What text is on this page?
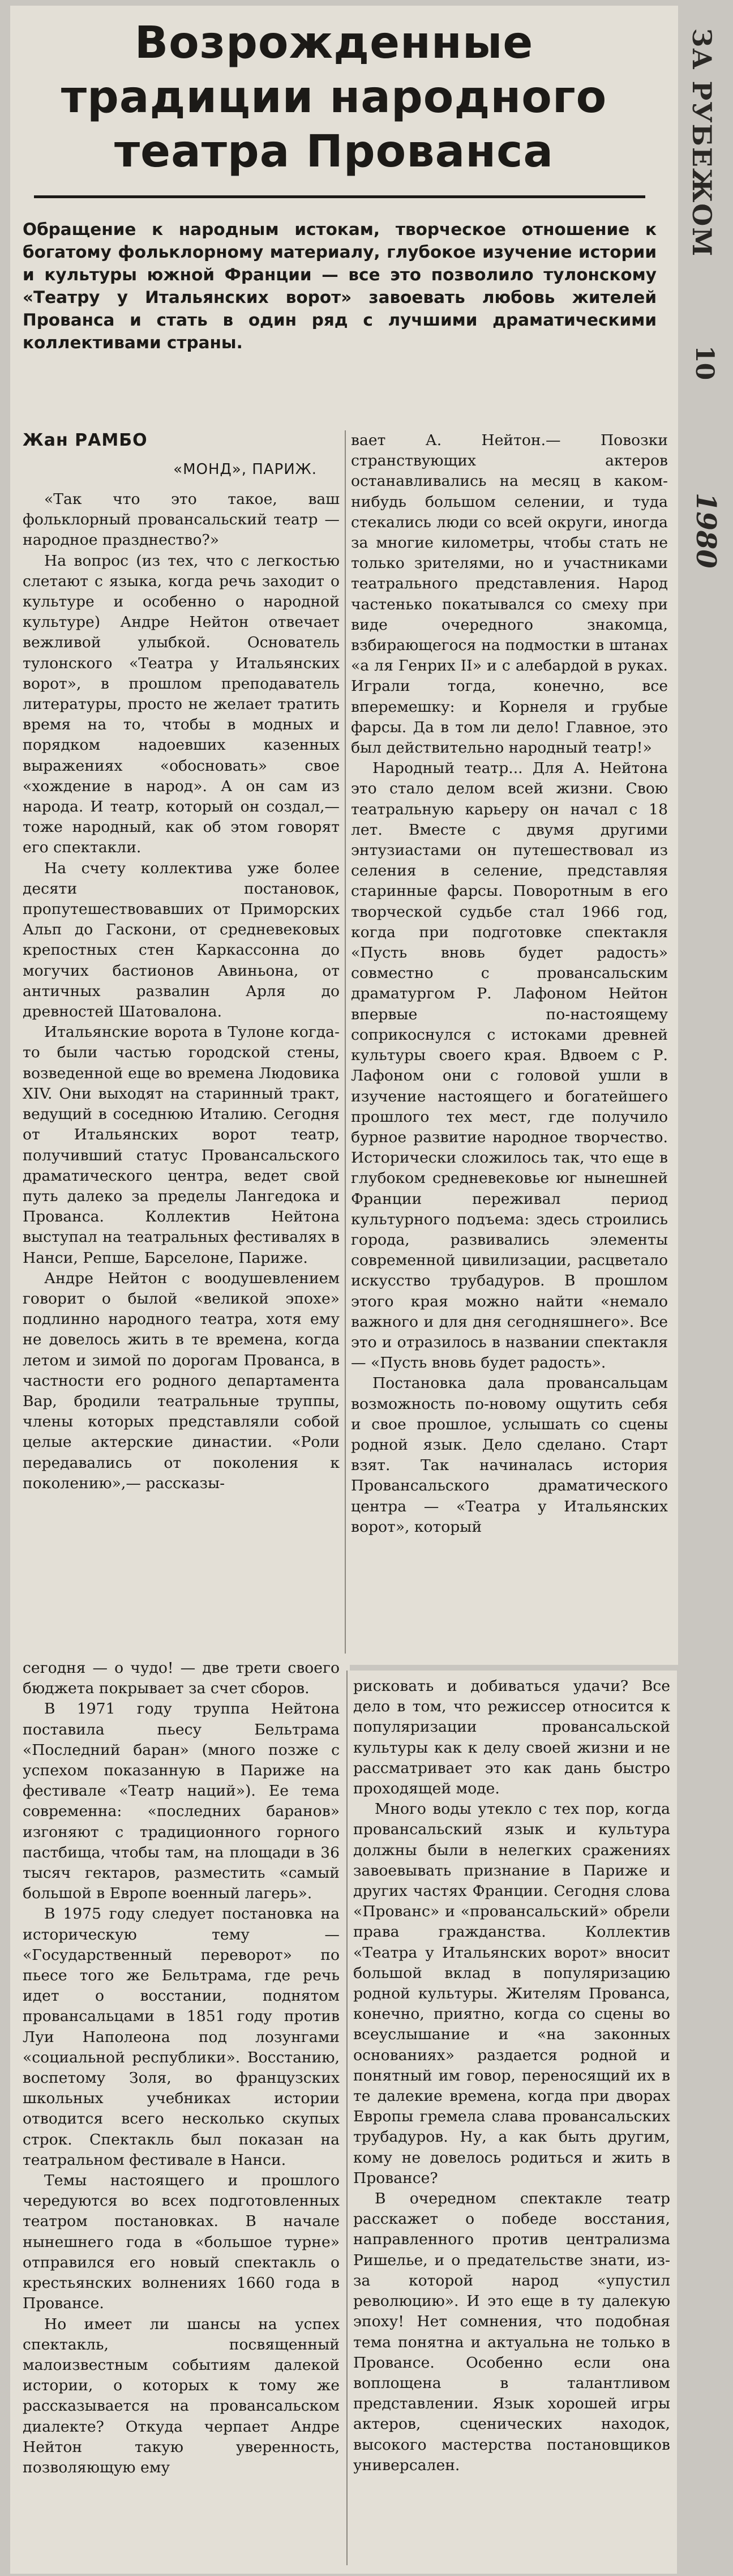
Возрожденные
традиции народного
театра Прованса
Обращение к народным истокам, творческое отношение к богатому фольклорному материалу, глубокое изучение истории и культуры южной Франции — все это позволило тулонскому «Театру у Итальянских ворот» завоевать любовь жителей Прованса и стать в один ряд с лучшими драматическими коллективами страны.
ЗА РУБЕЖОМ
10
1980
Жан РАМБО
«МОНД», ПАРИЖ.

«Так что это такое, ваш фольклорный провансальский театр — народное празднество?»

На вопрос (из тех, что с легкостью слетают с языка, когда речь заходит о культуре и особенно о народной культуре) Андре Нейтон отвечает вежливой улыбкой. Основатель тулонского «Театра у Итальянских ворот», в прошлом преподаватель литературы, просто не желает тратить время на то, чтобы в модных и порядком надоевших казенных выражениях «обосновать» свое «хождение в народ». А он сам из народа. И театр, который он создал,— тоже народный, как об этом говорят его спектакли.

На счету коллектива уже более десяти постановок, пропутешествовавших от Приморских Альп до Гаскони, от средневековых крепостных стен Каркассонна до могучих бастионов Авиньона, от античных развалин Арля до древностей Шатовалона.

Итальянские ворота в Тулоне когда-то были частью городской стены, возведенной еще во времена Людовика XIV. Они выходят на старинный тракт, ведущий в соседнюю Италию. Сегодня от Итальянских ворот театр, получивший статус Провансальского драматического центра, ведет свой путь далеко за пределы Лангедока и Прованса. Коллектив Нейтона выступал на театральных фестивалях в Нанси, Репше, Барселоне, Париже.

Андре Нейтон с воодушевлением говорит о былой «великой эпохе» подлинно народного театра, хотя ему не довелось жить в те времена, когда летом и зимой по дорогам Прованса, в частности его родного департамента Вар, бродили театральные труппы, члены которых представляли собой целые актерские династии. «Роли передавались от поколения к поколению»,— рассказы-

вает А. Нейтон.— Повозки странствующих актеров останавливались на месяц в каком-нибудь большом селении, и туда стекались люди со всей округи, иногда за многие километры, чтобы стать не только зрителями, но и участниками театрального представления. Народ частенько покатывался со смеху при виде очередного знакомца, взбирающегося на подмостки в штанах «а ля Генрих II» и с алебардой в руках. Играли тогда, конечно, все вперемешку: и Корнеля и грубые фарсы. Да в том ли дело! Главное, это был действительно народный театр!»

Народный театр... Для А. Нейтона это стало делом всей жизни. Свою театральную карьеру он начал с 18 лет. Вместе с двумя другими энтузиастами он путешествовал из селения в селение, представляя старинные фарсы. Поворотным в его творческой судьбе стал 1966 год, когда при подготовке спектакля «Пусть вновь будет радость» совместно с провансальским драматургом Р. Лафоном Нейтон впервые по-настоящему соприкоснулся с истоками древней культуры своего края. Вдвоем с Р. Лафоном они с головой ушли в изучение настоящего и богатейшего прошлого тех мест, где получило бурное развитие народное творчество. Исторически сложилось так, что еще в глубоком средневековье юг нынешней Франции переживал период культурного подъема: здесь строились города, развивались элементы современной цивилизации, расцветало искусство трубадуров. В прошлом этого края можно найти «немало важного и для дня сегодняшнего». Все это и отразилось в названии спектакля — «Пусть вновь будет радость».

Постановка дала провансальцам возможность по-новому ощутить себя и свое прошлое, услышать со сцены родной язык. Дело сделано. Старт взят. Так начиналась история Провансальского драматического центра — «Театра у Итальянских ворот», который

сегодня — о чудо! — две трети своего бюджета покрывает за счет сборов.

В 1971 году труппа Нейтона поставила пьесу Бельтрама «Последний баран» (много позже с успехом показанную в Париже на фестивале «Театр наций»). Ее тема современна: «последних баранов» изгоняют с традиционного горного пастбища, чтобы там, на площади в 36 тысяч гектаров, разместить «самый большой в Европе военный лагерь».

В 1975 году следует постановка на историческую тему — «Государственный переворот» по пьесе того же Бельтрама, где речь идет о восстании, поднятом провансальцами в 1851 году против Луи Наполеона под лозунгами «социальной республики». Восстанию, воспетому Золя, во французских школьных учебниках истории отводится всего несколько скупых строк. Спектакль был показан на театральном фестивале в Нанси.

Темы настоящего и прошлого чередуются во всех подготовленных театром постановках. В начале нынешнего года в «большое турне» отправился его новый спектакль о крестьянских волнениях 1660 года в Провансе.

Но имеет ли шансы на успех спектакль, посвященный малоизвестным событиям далекой истории, о которых к тому же рассказывается на провансальском диалекте? Откуда черпает Андре Нейтон такую уверенность, позволяющую ему

рисковать и добиваться удачи? Все дело в том, что режиссер относится к популяризации провансальской культуры как к делу своей жизни и не рассматривает это как дань быстро проходящей моде.

Много воды утекло с тех пор, когда провансальский язык и культура должны были в нелегких сражениях завоевывать признание в Париже и других частях Франции. Сегодня слова «Прованс» и «провансальский» обрели права гражданства. Коллектив «Театра у Итальянских ворот» вносит большой вклад в популяризацию родной культуры. Жителям Прованса, конечно, приятно, когда со сцены во всеуслышание и «на законных основаниях» раздается родной и понятный им говор, переносящий их в те далекие времена, когда при дворах Европы гремела слава провансальских трубадуров. Ну, а как быть другим, кому не довелось родиться и жить в Провансе?

В очередном спектакле театр расскажет о победе восстания, направленного против централизма Ришелье, и о предательстве знати, из-за которой народ «упустил революцию». И это еще в ту далекую эпоху! Нет сомнения, что подобная тема понятна и актуальна не только в Провансе. Особенно если она воплощена в талантливом представлении. Язык хорошей игры актеров, сценических находок, высокого мастерства постановщиков универсален.
